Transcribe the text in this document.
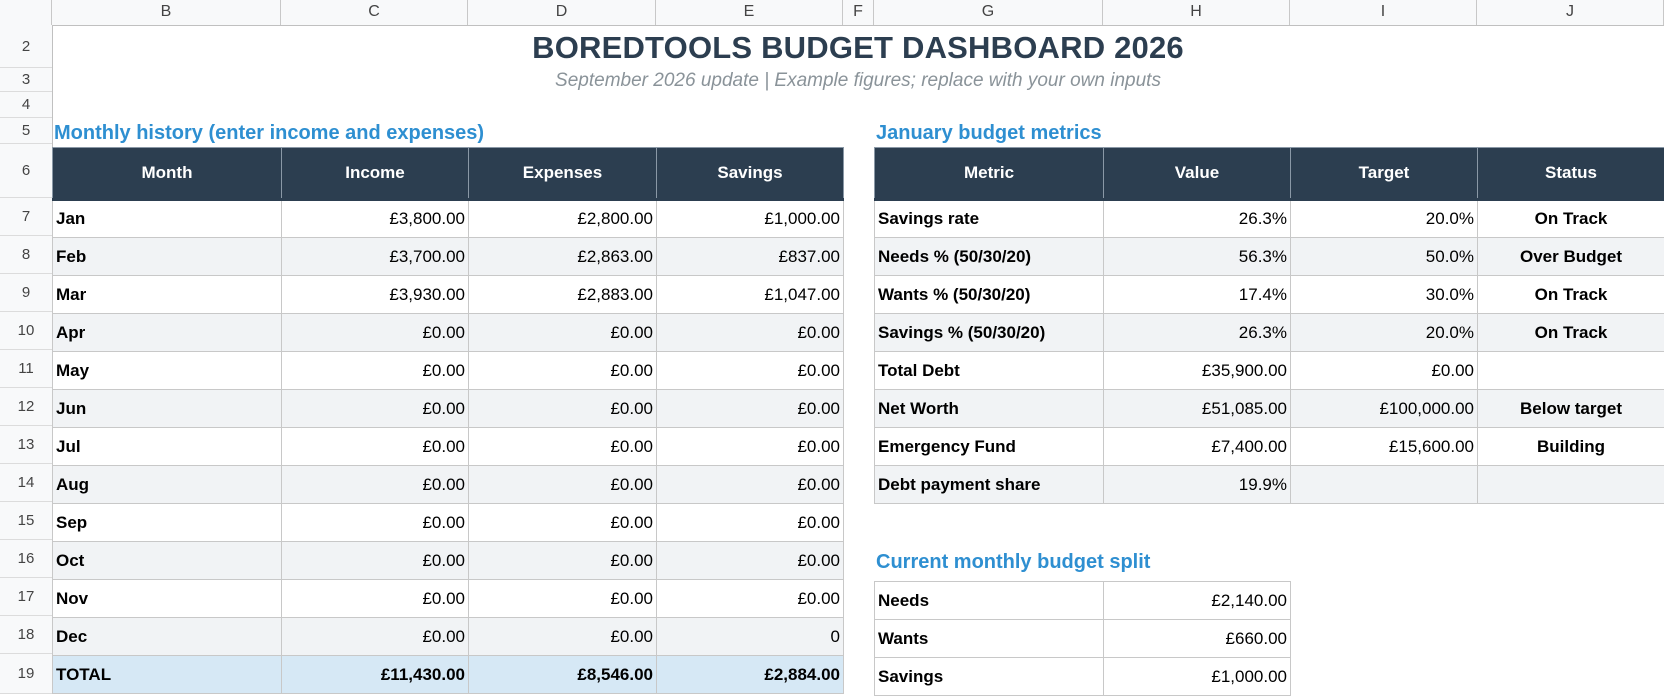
B	C	D	E	F	G	H	I	J
2
3
4
5
6
7
8
9
10
11
12
13
14
15
16
17
18
19
BOREDTOOLS BUDGET DASHBOARD 2026
September 2026 update | Example figures; replace with your own inputs
Monthly history (enter income and expenses)
Month	Income	Expenses	Savings
Jan	£3,800.00	£2,800.00	£1,000.00
Feb	£3,700.00	£2,863.00	£837.00
Mar	£3,930.00	£2,883.00	£1,047.00
Apr	£0.00	£0.00	£0.00
May	£0.00	£0.00	£0.00
Jun	£0.00	£0.00	£0.00
Jul	£0.00	£0.00	£0.00
Aug	£0.00	£0.00	£0.00
Sep	£0.00	£0.00	£0.00
Oct	£0.00	£0.00	£0.00
Nov	£0.00	£0.00	£0.00
Dec	£0.00	£0.00	0
TOTAL	£11,430.00	£8,546.00	£2,884.00
January budget metrics
Metric	Value	Target	Status
Savings rate	26.3%	20.0%	On Track
Needs % (50/30/20)	56.3%	50.0%	Over Budget
Wants % (50/30/20)	17.4%	30.0%	On Track
Savings % (50/30/20)	26.3%	20.0%	On Track
Total Debt	£35,900.00	£0.00	
Net Worth	£51,085.00	£100,000.00	Below target
Emergency Fund	£7,400.00	£15,600.00	Building
Debt payment share	19.9%		
Current monthly budget split
Needs	£2,140.00
Wants	£660.00
Savings	£1,000.00
